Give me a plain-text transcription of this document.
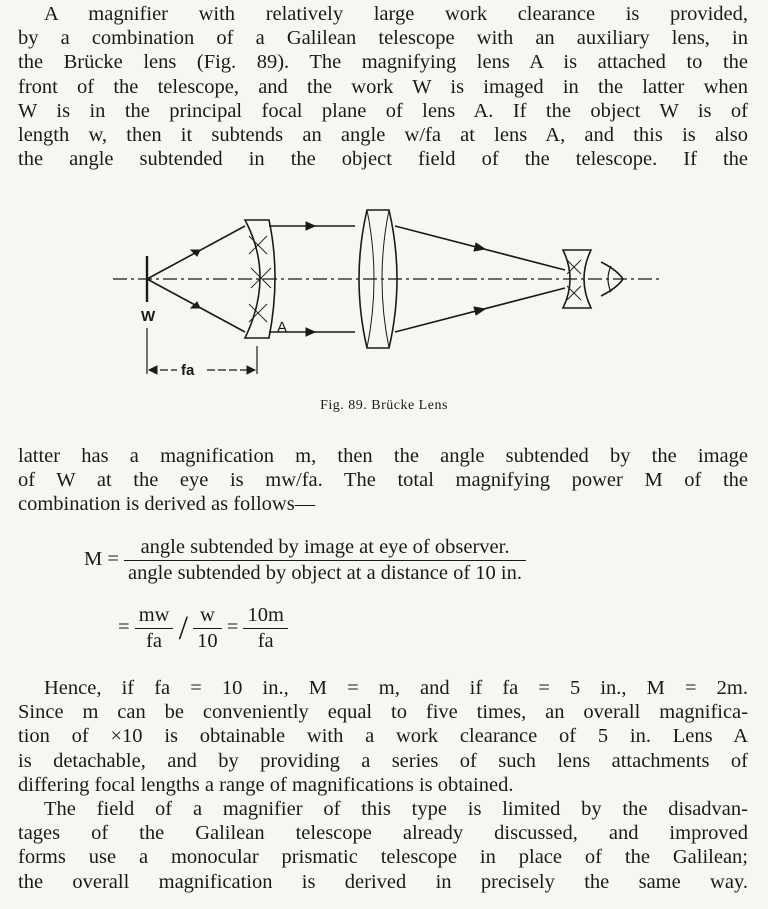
A magnifier with relatively large work clearance is provided,
by a combination of a Galilean telescope with an auxiliary lens, in
the Brücke lens (Fig. 89). The magnifying lens A is attached to the
front of the telescope, and the work W is imaged in the latter when
W is in the principal focal plane of lens A. If the object W is of
length w, then it subtends an angle w/fa at lens A, and this is also
the angle subtended in the object field of the telescope. If the

W
A
fa
Fig. 89. Brücke Lens

latter has a magnification m, then the angle subtended by the image
of W at the eye is mw/fa. The total magnifying power M of the
combination is derived as follows—

$M = \frac{\text{angle subtended by image at eye of observer.}}{\text{angle subtended by object at a distance of 10 in.}}$
= $\frac{mw}{fa} / \frac{w}{10} = \frac{10m}{fa}$

Hence, if fa = 10 in., M = m, and if fa = 5 in., M = 2m.
Since m can be conveniently equal to five times, an overall magnifica-
tion of ×10 is obtainable with a work clearance of 5 in. Lens A
is detachable, and by providing a series of such lens attachments of
differing focal lengths a range of magnifications is obtained.

The field of a magnifier of this type is limited by the disadvan-
tages of the Galilean telescope already discussed, and improved
forms use a monocular prismatic telescope in place of the Galilean;
the overall magnification is derived in precisely the same way.
